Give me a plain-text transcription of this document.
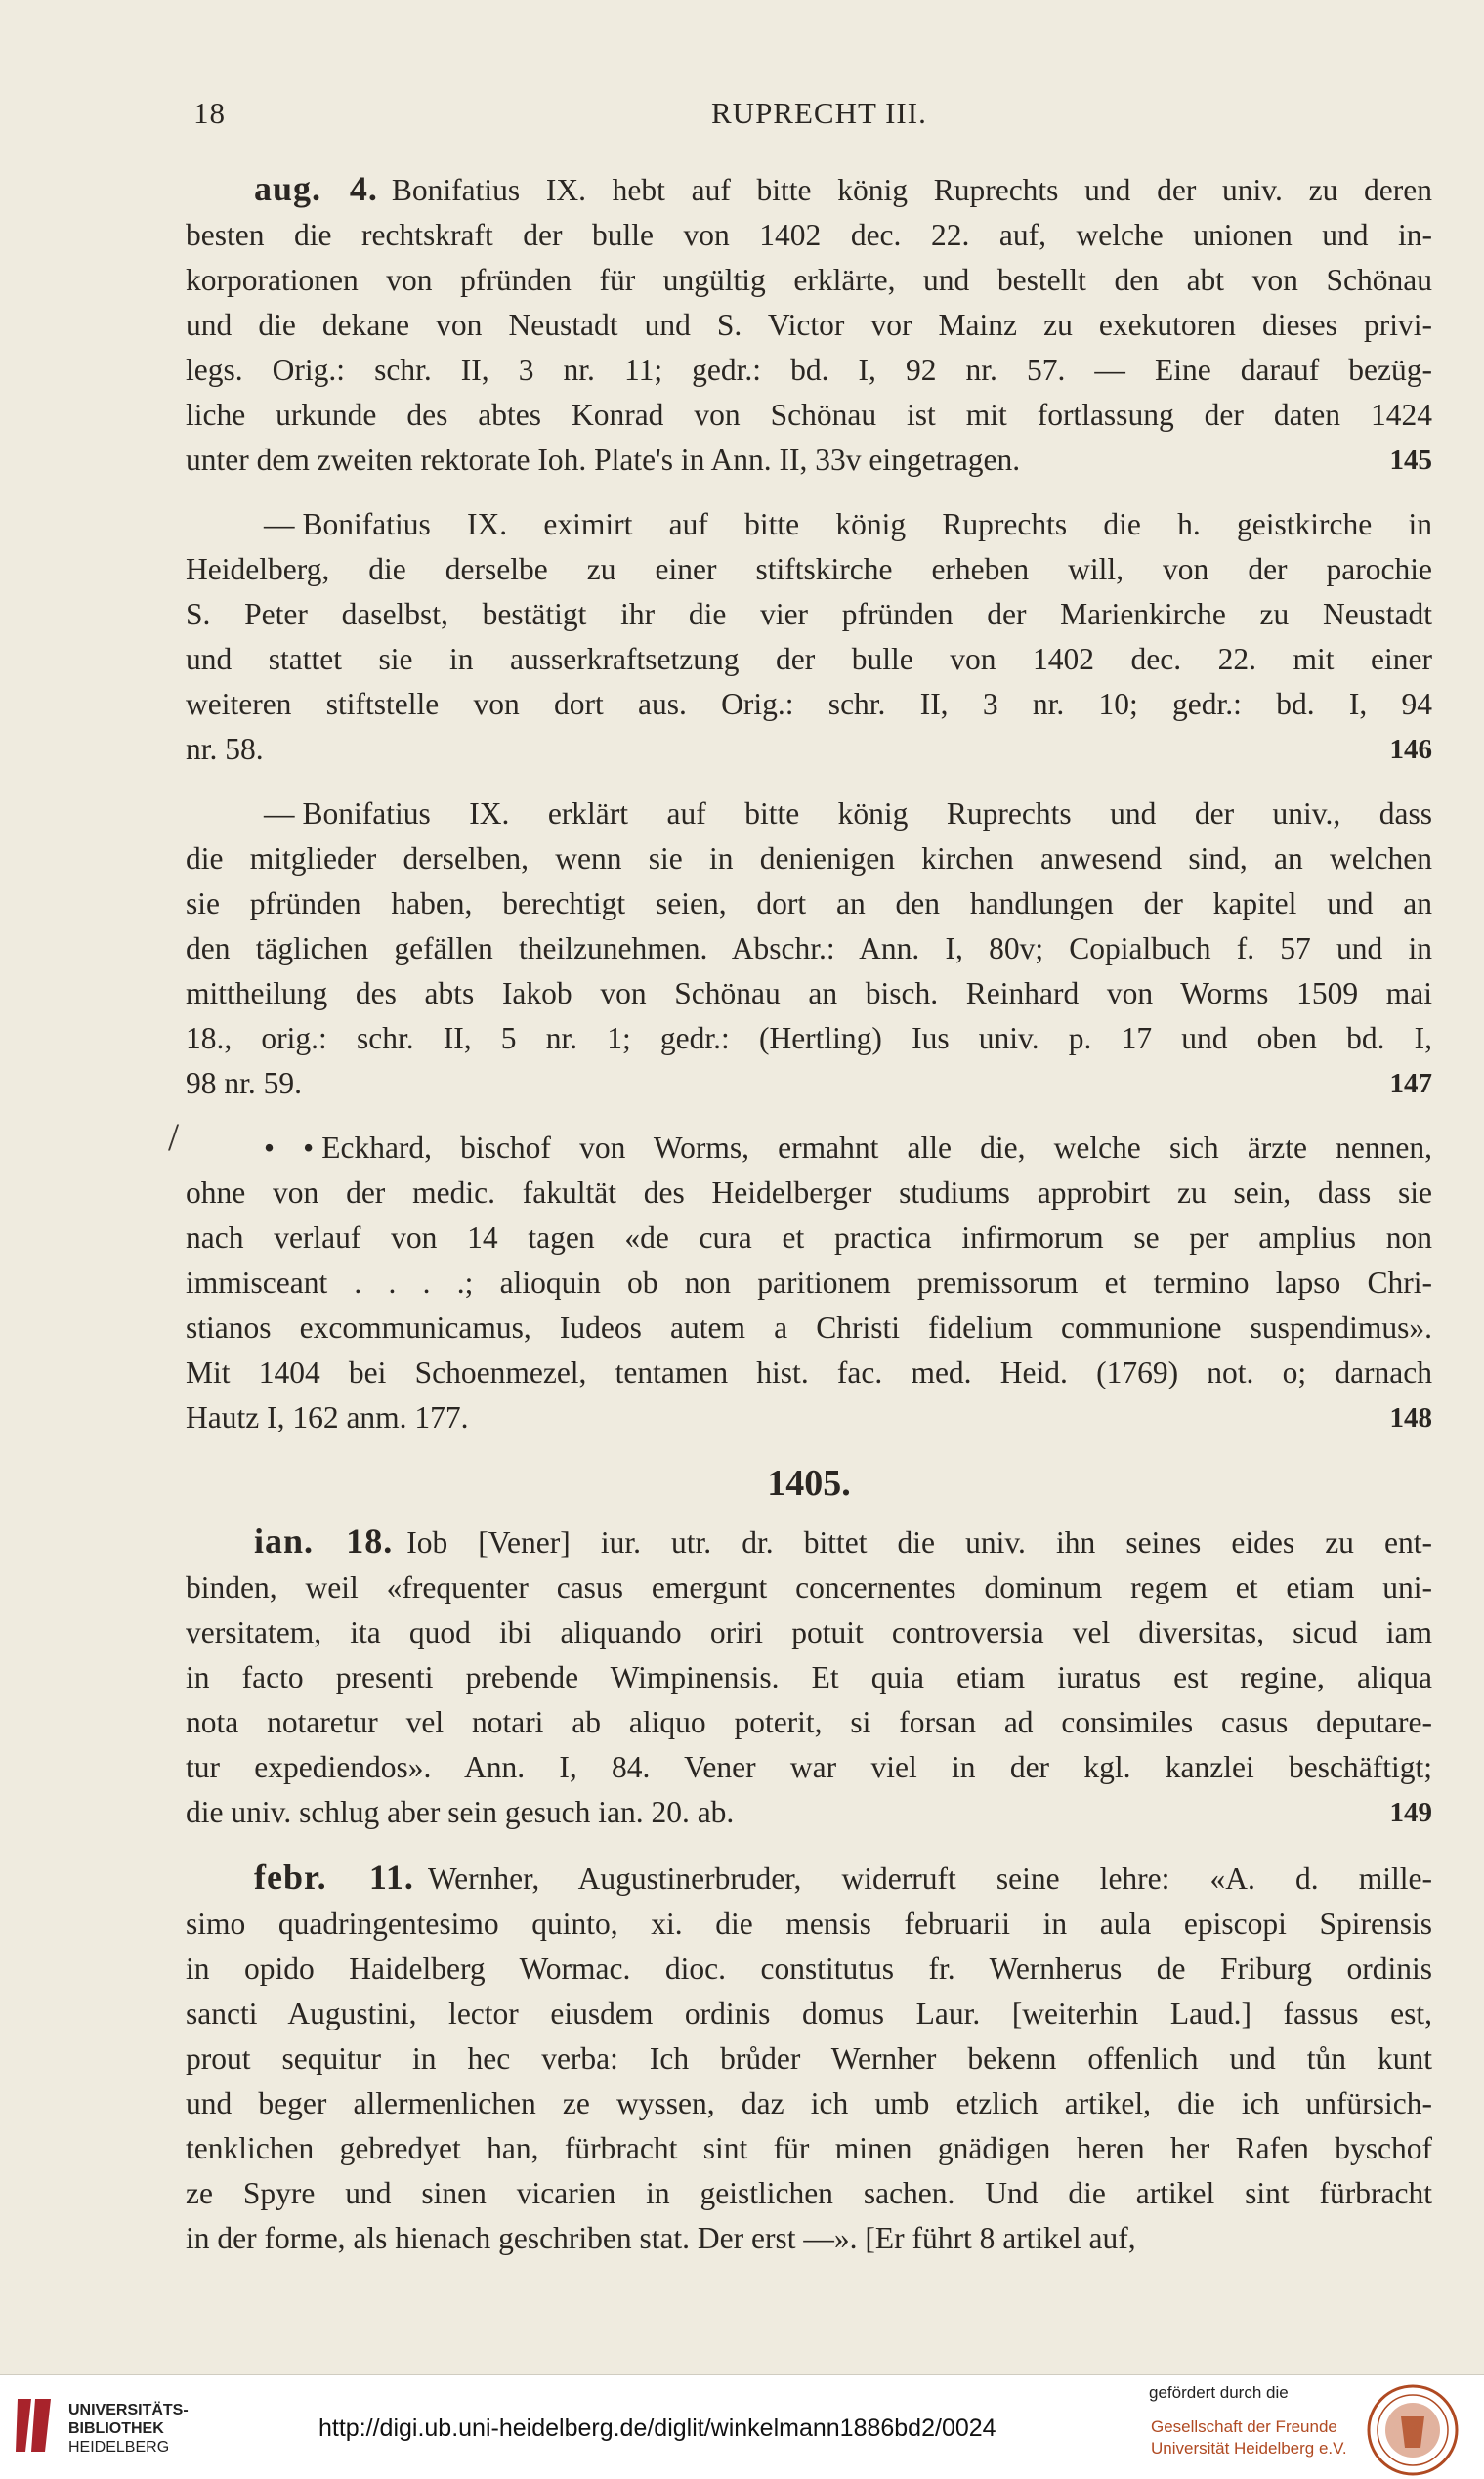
18	RUPRECHT III.
/
aug. 4. Bonifatius IX. hebt auf bitte könig Ruprechts und der univ. zu deren
besten die rechtskraft der bulle von 1402 dec. 22. auf, welche unionen und in-
korporationen von pfründen für ungültig erklärte, und bestellt den abt von Schönau
und die dekane von Neustadt und S. Victor vor Mainz zu exekutoren dieses privi-
legs. Orig.: schr. II, 3 nr. 11; gedr.: bd. I, 92 nr. 57. — Eine darauf bezüg-
liche urkunde des abtes Konrad von Schönau ist mit fortlassung der daten 1424
unter dem zweiten rektorate Ioh. Plate's in Ann. II, 33v eingetragen.	145
— Bonifatius IX. eximirt auf bitte könig Ruprechts die h. geistkirche in
Heidelberg, die derselbe zu einer stiftskirche erheben will, von der parochie
S. Peter daselbst, bestätigt ihr die vier pfründen der Marienkirche zu Neustadt
und stattet sie in ausserkraftsetzung der bulle von 1402 dec. 22. mit einer
weiteren stiftstelle von dort aus. Orig.: schr. II, 3 nr. 10; gedr.: bd. I, 94
nr. 58.	146
— Bonifatius IX. erklärt auf bitte könig Ruprechts und der univ., dass
die mitglieder derselben, wenn sie in denienigen kirchen anwesend sind, an welchen
sie pfründen haben, berechtigt seien, dort an den handlungen der kapitel und an
den täglichen gefällen theilzunehmen. Abschr.: Ann. I, 80v; Copialbuch f. 57 und in
mittheilung des abts Iakob von Schönau an bisch. Reinhard von Worms 1509 mai
18., orig.: schr. II, 5 nr. 1; gedr.: (Hertling) Ius univ. p. 17 und oben bd. I,
98 nr. 59.	147
• • Eckhard, bischof von Worms, ermahnt alle die, welche sich ärzte nennen,
ohne von der medic. fakultät des Heidelberger studiums approbirt zu sein, dass sie
nach verlauf von 14 tagen «de cura et practica infirmorum se per amplius non
immisceant . . . .; alioquin ob non paritionem premissorum et termino lapso Chri-
stianos excommunicamus, Iudeos autem a Christi fidelium communione suspendimus».
Mit 1404 bei Schoenmezel, tentamen hist. fac. med. Heid. (1769) not. o; darnach
Hautz I, 162 anm. 177.	148
1405.
ian. 18. Iob [Vener] iur. utr. dr. bittet die univ. ihn seines eides zu ent-
binden, weil «frequenter casus emergunt concernentes dominum regem et etiam uni-
versitatem, ita quod ibi aliquando oriri potuit controversia vel diversitas, sicud iam
in facto presenti prebende Wimpinensis. Et quia etiam iuratus est regine, aliqua
nota notaretur vel notari ab aliquo poterit, si forsan ad consimiles casus deputare-
tur expediendos». Ann. I, 84. Vener war viel in der kgl. kanzlei beschäftigt;
die univ. schlug aber sein gesuch ian. 20. ab.	149
febr. 11. Wernher, Augustinerbruder, widerruft seine lehre: «A. d. mille-
simo quadringentesimo quinto, xi. die mensis februarii in aula episcopi Spirensis
in opido Haidelberg Wormac. dioc. constitutus fr. Wernherus de Friburg ordinis
sancti Augustini, lector eiusdem ordinis domus Laur. [weiterhin Laud.] fassus est,
prout sequitur in hec verba: Ich brůder Wernher bekenn offenlich und tůn kunt
und beger allermenlichen ze wyssen, daz ich umb etzlich artikel, die ich unfürsich-
tenklichen gebredyet han, fürbracht sint für minen gnädigen heren her Rafen byschof
ze Spyre und sinen vicarien in geistlichen sachen. Und die artikel sint fürbracht
in der forme, als hienach geschriben stat. Der erst —». [Er führt 8 artikel auf,
UNIVERSITÄTS-
BIBLIOTHEK
HEIDELBERG
http://digi.ub.uni-heidelberg.de/diglit/winkelmann1886bd2/0024
gefördert durch die
Gesellschaft der Freunde
Universität Heidelberg e.V.
